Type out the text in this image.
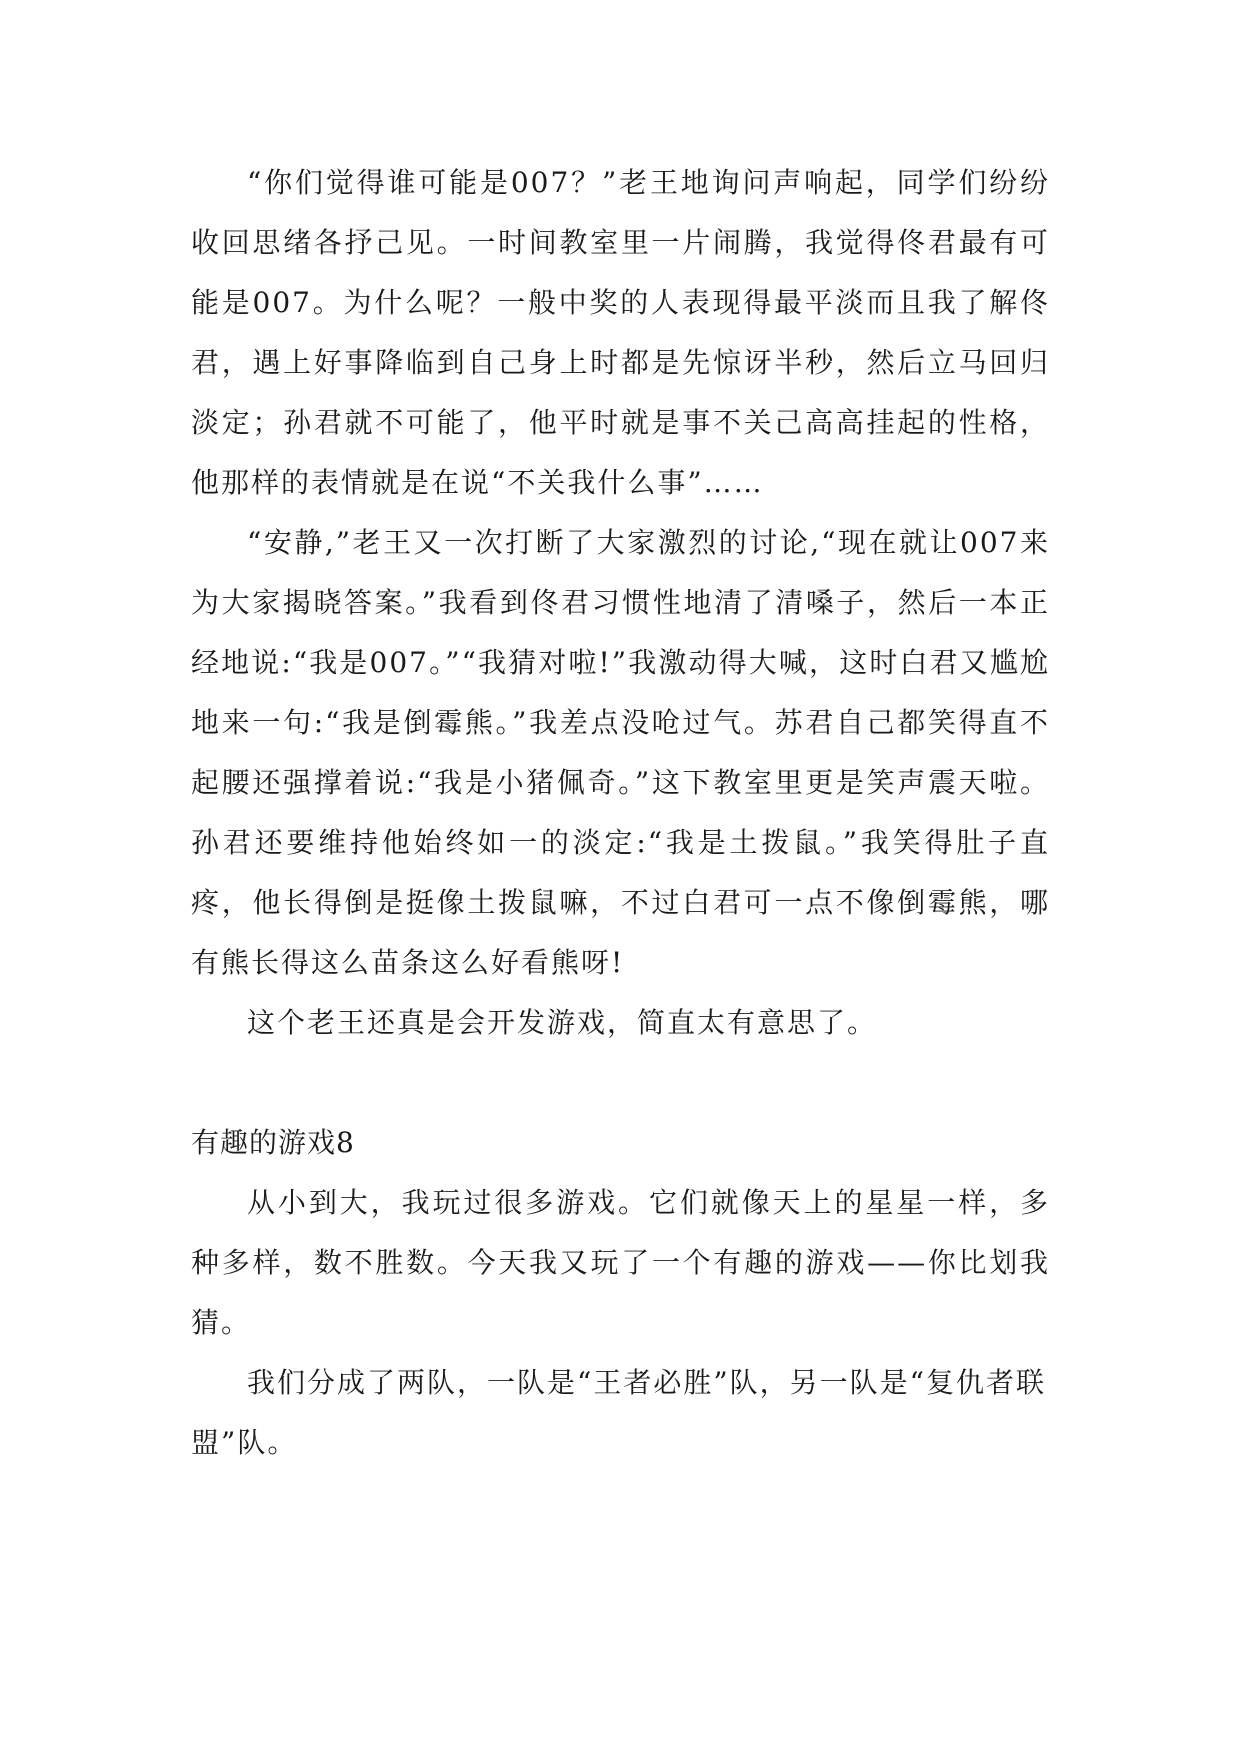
“你们觉得谁可能是007？”老王地询问声响起，同学们纷纷收回思绪各抒己见。一时间教室里一片闹腾，我觉得佟君最有可能是007。为什么呢？一般中奖的人表现得最平淡而且我了解佟君，遇上好事降临到自己身上时都是先惊讶半秒，然后立马回归淡定；孙君就不可能了，他平时就是事不关己高高挂起的性格，他那样的表情就是在说“不关我什么事”……

“安静,”老王又一次打断了大家激烈的讨论,“现在就让007来为大家揭晓答案。”我看到佟君习惯性地清了清嗓子，然后一本正经地说:“我是007。”“我猜对啦!”我激动得大喊，这时白君又尴尬地来一句:“我是倒霉熊。”我差点没呛过气。苏君自己都笑得直不起腰还强撑着说:“我是小猪佩奇。”这下教室里更是笑声震天啦。孙君还要维持他始终如一的淡定:“我是土拨鼠。”我笑得肚子直疼，他长得倒是挺像土拨鼠嘛，不过白君可一点不像倒霉熊，哪有熊长得这么苗条这么好看熊呀!

这个老王还真是会开发游戏，简直太有意思了。

有趣的游戏8

从小到大，我玩过很多游戏。它们就像天上的星星一样，多种多样，数不胜数。今天我又玩了一个有趣的游戏——你比划我猜。

我们分成了两队，一队是“王者必胜”队，另一队是“复仇者联盟”队。
